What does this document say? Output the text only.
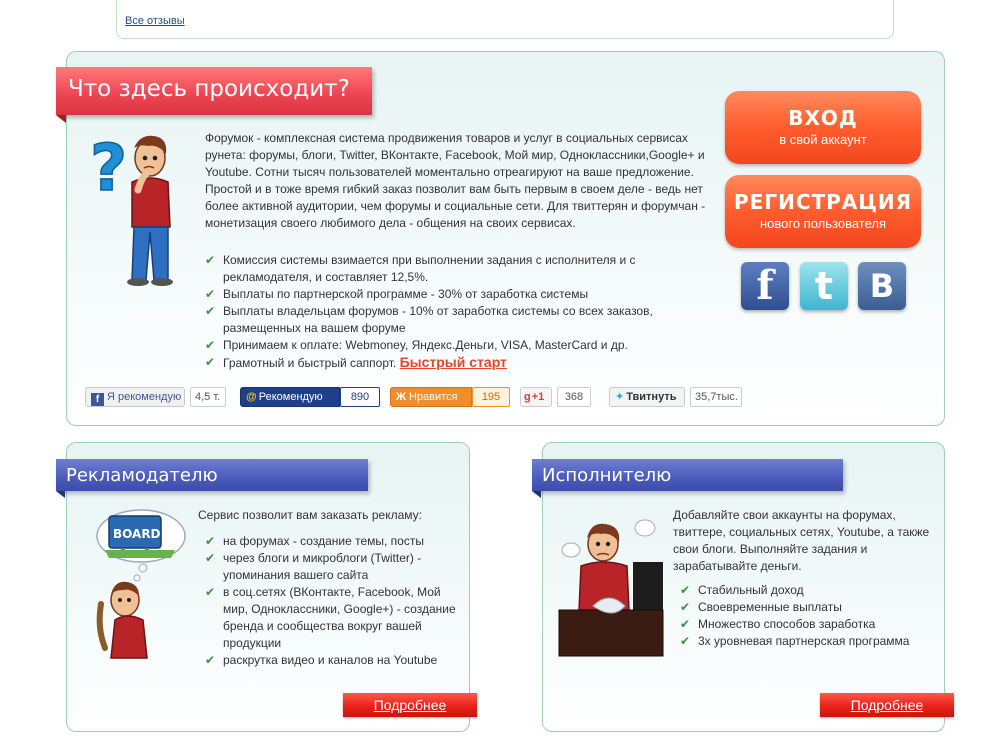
Все отзывы
Что здесь происходит?
?	Форумок - комплексная система продвижения товаров и услуг в социальных сервисах рунета: форумы, блоги, Twitter, ВКонтакте, Facebook, Мой мир, Одноклассники,Google+ и Youtube. Сотни тысяч пользователей моментально отреагируют на ваше предложение. Простой и в тоже время гибкий заказ позволит вам быть первым в своем деле - ведь нет более активной аудитории, чем форумы и социальные сети. Для твиттерян и форумчан - монетизация своего любимого дела - общения на своих сервисах.
✔ Комиссия системы взимается при выполнении задания с исполнителя и с рекламодателя, и составляет 12,5%.
✔ Выплаты по партнерской программе - 30% от заработка системы
✔ Выплаты владельцам форумов - 10% от заработка системы со всех заказов, размещенных на вашем форуме
✔ Принимаем к оплате: Webmoney, Яндекс.Деньги, VISA, MasterCard и др.
✔ Грамотный и быстрый саппорт. Быстрый старт
ВХОД
в свой аккаунт
РЕГИСТРАЦИЯ
нового пользователя
f	t	B
f Я рекомендую	4,5 т.	@ Рекомендую	890	Ж Нравится	195	g+1	368	✦ Твитнуть	35,7тыс.
Рекламодателю
BOARD
Сервис позволит вам заказать рекламу:
✔ на форумах - создание темы, посты
✔ через блоги и микроблоги (Twitter) - упоминания вашего сайта
✔ в соц.сетях (ВКонтакте, Facebook, Мой мир, Одноклассники, Google+) - создание бренда и сообщества вокруг вашей продукции
✔ раскрутка видео и каналов на Youtube
Подробнее
Исполнителю
Добавляйте свои аккаунты на форумах, твиттере, социальных сетях, Youtube, а также свои блоги. Выполняйте задания и зарабатывайте деньги.
✔ Стабильный доход
✔ Своевременные выплаты
✔ Множество способов заработка
✔ 3х уровневая партнерская программа
Подробнее
